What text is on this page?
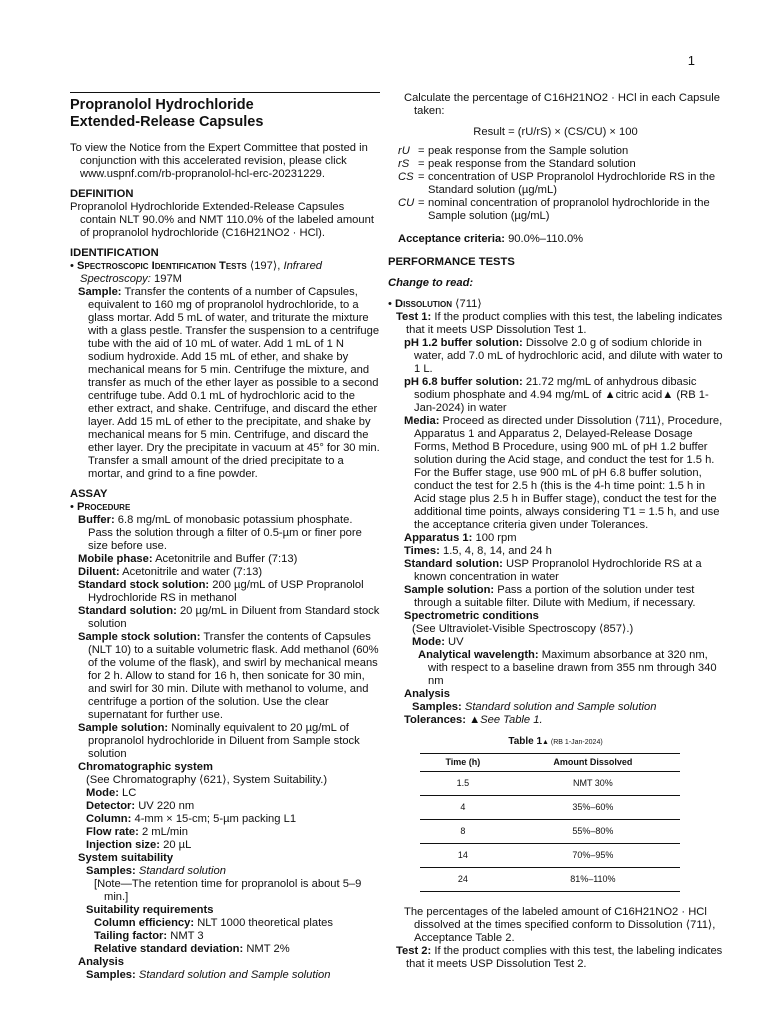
1
Propranolol Hydrochloride
Extended-Release Capsules

To view the Notice from the Expert Committee that posted in conjunction with this accelerated revision, please click www.uspnf.com/rb-propranolol-hcl-erc-20231229.

DEFINITION

Propranolol Hydrochloride Extended-Release Capsules contain NLT 90.0% and NMT 110.0% of the labeled amount of propranolol hydrochloride (C16H21NO2 · HCl).

IDENTIFICATION

• Spectroscopic Identification Tests ⟨197⟩, Infrared Spectroscopy: 197M

Sample: Transfer the contents of a number of Capsules, equivalent to 160 mg of propranolol hydrochloride, to a glass mortar. Add 5 mL of water, and triturate the mixture with a glass pestle. Transfer the suspension to a centrifuge tube with the aid of 10 mL of water. Add 1 mL of 1 N sodium hydroxide. Add 15 mL of ether, and shake by mechanical means for 5 min. Centrifuge the mixture, and transfer as much of the ether layer as possible to a second centrifuge tube. Add 0.1 mL of hydrochloric acid to the ether extract, and shake. Centrifuge, and discard the ether layer. Add 15 mL of ether to the precipitate, and shake by mechanical means for 5 min. Centrifuge, and discard the ether layer. Dry the precipitate in vacuum at 45° for 30 min. Transfer a small amount of the dried precipitate to a mortar, and grind to a fine powder.

ASSAY

• Procedure

Buffer: 6.8 mg/mL of monobasic potassium phosphate. Pass the solution through a filter of 0.5-µm or finer pore size before use.

Mobile phase: Acetonitrile and Buffer (7:13)

Diluent: Acetonitrile and water (7:13)

Standard stock solution: 200 µg/mL of USP Propranolol Hydrochloride RS in methanol

Standard solution: 20 µg/mL in Diluent from Standard stock solution

Sample stock solution: Transfer the contents of Capsules (NLT 10) to a suitable volumetric flask. Add methanol (60% of the volume of the flask), and swirl by mechanical means for 2 h. Allow to stand for 16 h, then sonicate for 30 min, and swirl for 30 min. Dilute with methanol to volume, and centrifuge a portion of the solution. Use the clear supernatant for further use.

Sample solution: Nominally equivalent to 20 µg/mL of propranolol hydrochloride in Diluent from Sample stock solution

Chromatographic system

(See Chromatography ⟨621⟩, System Suitability.)

Mode: LC

Detector: UV 220 nm

Column: 4-mm × 15-cm; 5-µm packing L1

Flow rate: 2 mL/min

Injection size: 20 µL

System suitability

Samples: Standard solution

[Note—The retention time for propranolol is about 5–9 min.]

Suitability requirements

Column efficiency: NLT 1000 theoretical plates

Tailing factor: NMT 3

Relative standard deviation: NMT 2%

Analysis

Samples: Standard solution and Sample solution

Calculate the percentage of C16H21NO2 · HCl in each Capsule taken:

Result = (rU/rS) × (CS/CU) × 100

rU = peak response from the Sample solution
rS = peak response from the Standard solution
CS = concentration of USP Propranolol Hydrochloride RS in the Standard solution (µg/mL)
CU = nominal concentration of propranolol hydrochloride in the Sample solution (µg/mL)

Acceptance criteria: 90.0%–110.0%

PERFORMANCE TESTS

Change to read:

• Dissolution ⟨711⟩

Test 1: If the product complies with this test, the labeling indicates that it meets USP Dissolution Test 1.

pH 1.2 buffer solution: Dissolve 2.0 g of sodium chloride in water, add 7.0 mL of hydrochloric acid, and dilute with water to 1 L.

pH 6.8 buffer solution: 21.72 mg/mL of anhydrous dibasic sodium phosphate and 4.94 mg/mL of ▲citric acid▲ (RB 1-Jan-2024) in water

Media: Proceed as directed under Dissolution ⟨711⟩, Procedure, Apparatus 1 and Apparatus 2, Delayed-Release Dosage Forms, Method B Procedure, using 900 mL of pH 1.2 buffer solution during the Acid stage, and conduct the test for 1.5 h. For the Buffer stage, use 900 mL of pH 6.8 buffer solution, conduct the test for 2.5 h (this is the 4-h time point: 1.5 h in Acid stage plus 2.5 h in Buffer stage), conduct the test for the additional time points, always considering T1 = 1.5 h, and use the acceptance criteria given under Tolerances.

Apparatus 1: 100 rpm

Times: 1.5, 4, 8, 14, and 24 h

Standard solution: USP Propranolol Hydrochloride RS at a known concentration in water

Sample solution: Pass a portion of the solution under test through a suitable filter. Dilute with Medium, if necessary.

Spectrometric conditions

(See Ultraviolet-Visible Spectroscopy ⟨857⟩.)

Mode: UV

Analytical wavelength: Maximum absorbance at 320 nm, with respect to a baseline drawn from 355 nm through 340 nm

Analysis

Samples: Standard solution and Sample solution

Tolerances: ▲See Table 1.

Table 1▲ (RB 1-Jan-2024)
Time (h)	Amount Dissolved
1.5	NMT 30%
4	35%–60%
8	55%–80%
14	70%–95%
24	81%–110%

The percentages of the labeled amount of C16H21NO2 · HCl dissolved at the times specified conform to Dissolution ⟨711⟩, Acceptance Table 2.

Test 2: If the product complies with this test, the labeling indicates that it meets USP Dissolution Test 2.
